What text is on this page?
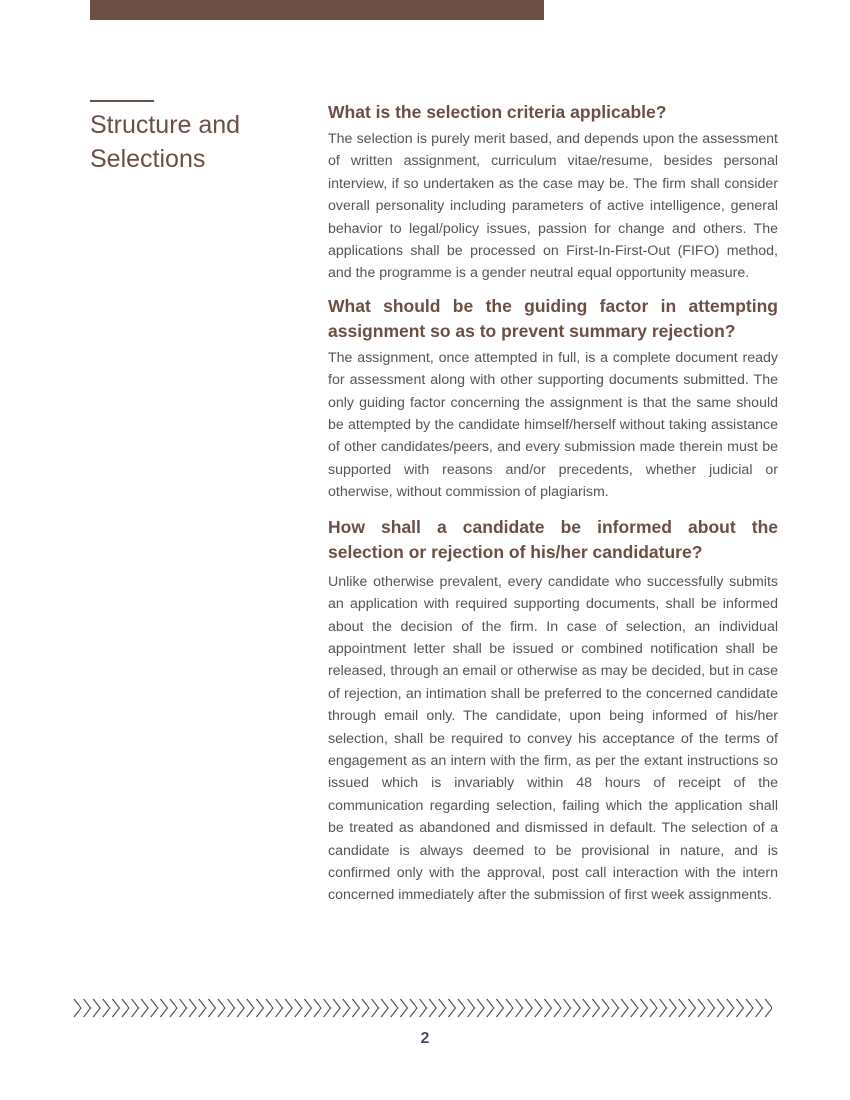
Structure and Selections
What is the selection criteria applicable?

The selection is purely merit based, and depends upon the assessment of written assignment, curriculum vitae/resume, besides personal interview, if so undertaken as the case may be. The firm shall consider overall personality including parameters of active intelligence, general behavior to legal/policy issues, passion for change and others. The applications shall be processed on First-In-First-Out (FIFO) method, and the programme is a gender neutral equal opportunity measure.

What should be the guiding factor in attempting assignment so as to prevent summary rejection?

The assignment, once attempted in full, is a complete document ready for assessment along with other supporting documents submitted. The only guiding factor concerning the assignment is that the same should be attempted by the candidate himself/herself without taking assistance of other candidates/peers, and every submission made therein must be supported with reasons and/or precedents, whether judicial or otherwise, without commission of plagiarism.

How shall a candidate be informed about the selection or rejection of his/her candidature?

Unlike otherwise prevalent, every candidate who successfully submits an application with required supporting documents, shall be informed about the decision of the firm. In case of selection, an individual appointment letter shall be issued or combined notification shall be released, through an email or otherwise as may be decided, but in case of rejection, an intimation shall be preferred to the concerned candidate through email only. The candidate, upon being informed of his/her selection, shall be required to convey his acceptance of the terms of engagement as an intern with the firm, as per the extant instructions so issued which is invariably within 48 hours of receipt of the communication regarding selection, failing which the application shall be treated as abandoned and dismissed in default. The selection of a candidate is always deemed to be provisional in nature, and is confirmed only with the approval, post call interaction with the intern concerned immediately after the submission of first week assignments.

2
